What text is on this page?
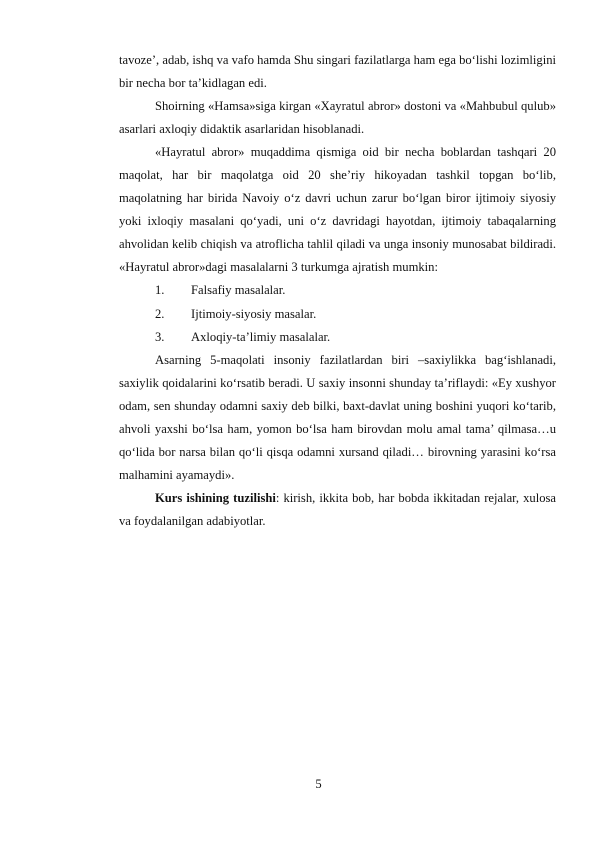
tavoze’, adab, ishq va vafo hamda Shu singari fazilatlarga ham ega bo‘lishi lozimligini bir necha bor ta’kidlagan edi.

Shoirning «Hamsa»siga kirgan «Xayratul abror» dostoni va «Mahbubul qulub» asarlari axloqiy didaktik asarlaridan hisoblanadi.

«Hayratul abror» muqaddima qismiga oid bir necha boblardan tashqari 20 maqolat, har bir maqolatga oid 20 she’riy hikoyadan tashkil topgan bo‘lib, maqolatning har birida Navoiy o‘z davri uchun zarur bo‘lgan biror ijtimoiy siyosiy yoki ixloqiy masalani qo‘yadi, uni o‘z davridagi hayotdan, ijtimoiy tabaqalarning ahvolidan kelib chiqish va atroflicha tahlil qiladi va unga insoniy munosabat bildiradi. «Hayratul abror»dagi masalalarni 3 turkumga ajratish mumkin:

1.	Falsafiy masalalar.

2.	Ijtimoiy-siyosiy masalar.

3.	Axloqiy-ta’limiy masalalar.

Asarning 5-maqolati insoniy fazilatlardan biri –saxiylikka bag‘ishlanadi, saxiylik qoidalarini ko‘rsatib beradi. U saxiy insonni shunday ta’riflaydi: «Ey xushyor odam, sen shunday odamni saxiy deb bilki, baxt-davlat uning boshini yuqori ko‘tarib, ahvoli yaxshi bo‘lsa ham, yomon bo‘lsa ham birovdan molu amal tama’ qilmasa…u qo‘lida bor narsa bilan qo‘li qisqa odamni xursand qiladi… birovning yarasini ko‘rsa malhamini ayamaydi».

Kurs ishining tuzilishi: kirish, ikkita bob, har bobda ikkitadan rejalar, xulosa va foydalanilgan adabiyotlar.

5
